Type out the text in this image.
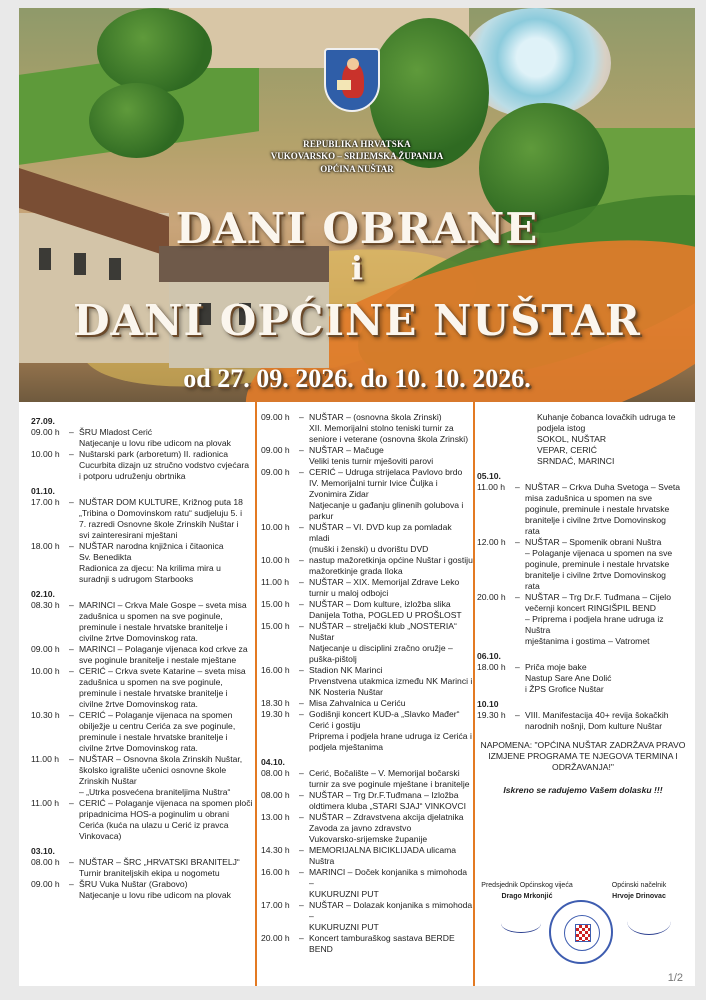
REPUBLIKA HRVATSKA
VUKOVARSKO – SRIJEMSKA ŽUPANIJA
OPĆINA NUŠTAR
DANI OBRANE
i
DANI OPĆINE NUŠTAR
od 27. 09. 2026. do 10. 10. 2026.
27.09.
09.00 h	– ŠRU Mladost Cerić
Natjecanje u lovu ribe udicom na plovak
10.00 h	– Nuštarski park (arboretum) II. radionica
Cucurbita dizajn uz stručno vodstvo cvjećara
i potporu udruženju obrtnika
01.10.
17.00 h	– NUŠTAR DOM KULTURE, Križnog puta 18
„Tribina o Domovinskom ratu“ sudjeluju 5. i
7. razredi Osnovne škole Zrinskih Nuštar i
svi zainteresirani mještani
18.00 h	– NUŠTAR narodna knjižnica i čitaonica
Sv. Benedikta
Radionica za djecu: Na krilima mira u
suradnji s udrugom Starbooks
02.10.
08.30 h	– MARINCI – Crkva Male Gospe – sveta misa
zadušnica u spomen na sve poginule,
preminule i nestale hrvatske branitelje i
civilne žrtve Domovinskog rata.
09.00 h	– MARINCI – Polaganje vijenaca kod crkve za
sve poginule branitelje i nestale mještane
10.00 h	– CERIĆ – Crkva svete Katarine – sveta misa
zadušnica u spomen na sve poginule,
preminule i nestale hrvatske branitelje i
civilne žrtve Domovinskog rata.
10.30 h	– CERIĆ – Polaganje vijenaca na spomen
obilježje u centru Cerića za sve poginule,
preminule i nestale hrvatske branitelje i
civilne žrtve Domovinskog rata.
11.00 h	– NUŠTAR – Osnovna škola Zrinskih Nuštar,
školsko igralište učenici osnovne škole
Zrinskih Nuštar
– „Utrka posvećena braniteljima Nuštra“
11.00 h	– CERIĆ – Polaganje vijenaca na spomen ploči
pripadnicima HOS-a poginulim u obrani
Cerića (kuća na ulazu u Cerić iz pravca Vinkovaca)
03.10.
08.00 h	– NUŠTAR – ŠRC „HRVATSKI BRANITELJ“
Turnir braniteljskih ekipa u nogometu
09.00 h	– ŠRU Vuka Nuštar (Grabovo)
Natjecanje u lovu ribe udicom na plovak
09.00 h	– NUŠTAR – (osnovna škola Zrinski)
XII. Memorijalni stolno teniski turnir za
seniore i veterane (osnovna škola Zrinski)
09.00 h	– NUŠTAR – Mačuge
Veliki tenis turnir mješoviti parovi
09.00 h	– CERIĆ – Udruga strijelaca Pavlovo brdo
IV. Memorijalni turnir Ivice Čuljka i
Zvonimira Zidar
Natjecanje u gađanju glinenih golubova i
parkur
10.00 h	– NUŠTAR – VI. DVD kup za pomladak mladi
(muški i ženski) u dvorištu DVD
10.00 h	– nastup mažoretkinja općine Nuštar i gostiju
mažoretkinje grada Iloka
11.00 h	– NUŠTAR – XIX. Memorijal Zdrave Leko
turnir u maloj odbojci
15.00 h	– NUŠTAR – Dom kulture, izložba slika
Danijela Totha, POGLED U PROŠLOST
15.00 h	– NUŠTAR – streljački klub „NOSTERIA“ Nuštar
Natjecanje u disciplini zračno oružje –
puška-pištolj
16.00 h	– Stadion NK Marinci
Prvenstvena utakmica između NK Marinci i
NK Nosteria Nuštar
18.30 h	– Misa Zahvalnica u Ceriću
19.30 h	– Godišnji koncert KUD-a „Slavko Mađer“
Cerić i gostiju
Priprema i podjela hrane udruga iz Cerića i
podjela mještanima
04.10.
08.00 h	– Cerić, Bočalište – V. Memorijal bočarski
turnir za sve poginule mještane i branitelje
08.00 h	– NUŠTAR – Trg Dr.F.Tuđmana – Izložba
oldtimera kluba „STARI SJAJ“ VINKOVCI
13.00 h	– NUŠTAR – Zdravstvena akcija djelatnika
Zavoda za javno zdravstvo
Vukovarsko-srijemske županije
14.30 h	– MEMORIJALNA BICIKLIJADA ulicama Nuštra
16.00 h	– MARINCI – Doček konjanika s mimohoda –
KUKURUZNI PUT
17.00 h	– NUŠTAR – Dolazak konjanika s mimohoda –
KUKURUZNI PUT
20.00 h	– Koncert tamburaškog sastava BERDE BEND
Kuhanje čobanca lovačkih udruga te
podjela istog
SOKOL, NUŠTAR
VEPAR, CERIĆ
SRNDAĆ, MARINCI
05.10.
11.00 h	– NUŠTAR – Crkva Duha Svetoga – Sveta
misa zadušnica u spomen na sve
poginule, preminule i nestale hrvatske
branitelje i civilne žrtve Domovinskog
rata
12.00 h	– NUŠTAR – Spomenik obrani Nuštra
– Polaganje vijenaca u spomen na sve
poginule, preminule i nestale hrvatske
branitelje i civilne žrtve Domovinskog
rata
20.00 h	– NUŠTAR – Trg Dr.F. Tuđmana – Cijelo
večernji koncert RINGIŠPIL BEND
– Priprema i podjela hrane udruga iz Nuštra
mještanima i gostima – Vatromet
06.10.
18.00 h	– Priča moje bake
Nastup Sare Ane Dolić
i ŽPS Grofice Nuštar
10.10
19.30 h	– VIII. Manifestacija 40+ revija šokačkih
narodnih nošnji, Dom kulture Nuštar
NAPOMENA: "OPĆINA NUŠTAR ZADRŽAVA PRAVO IZMJENE PROGRAMA TE NJEGOVA TERMINA I ODRŽAVANJA!"
Iskreno se radujemo Vašem dolasku !!!
Predsjednik Općinskog vijeća
Drago Mrkonjić
Općinski načelnik
Hrvoje Drinovac
1/2
